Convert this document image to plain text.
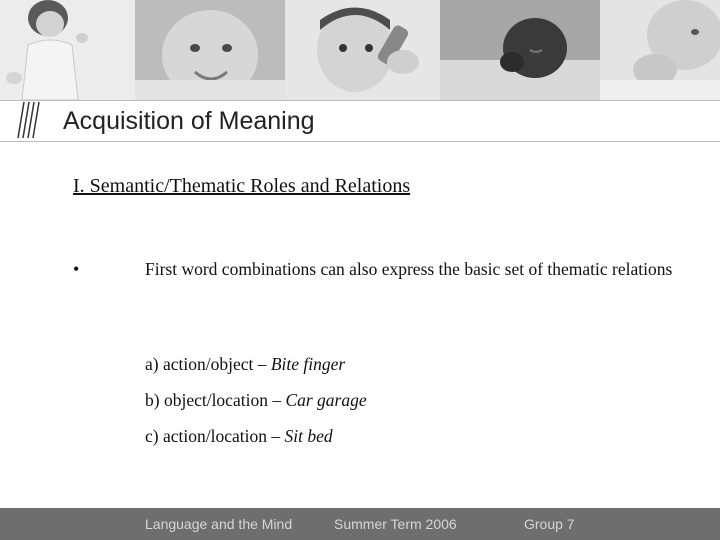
Acquisition of Meaning
I. Semantic/Thematic Roles and Relations
•	First word combinations can also express the basic set of thematic relations
a) action/object – Bite finger
b) object/location – Car garage
c) action/location – Sit bed
Language and the Mind	Summer Term 2006	Group 7
